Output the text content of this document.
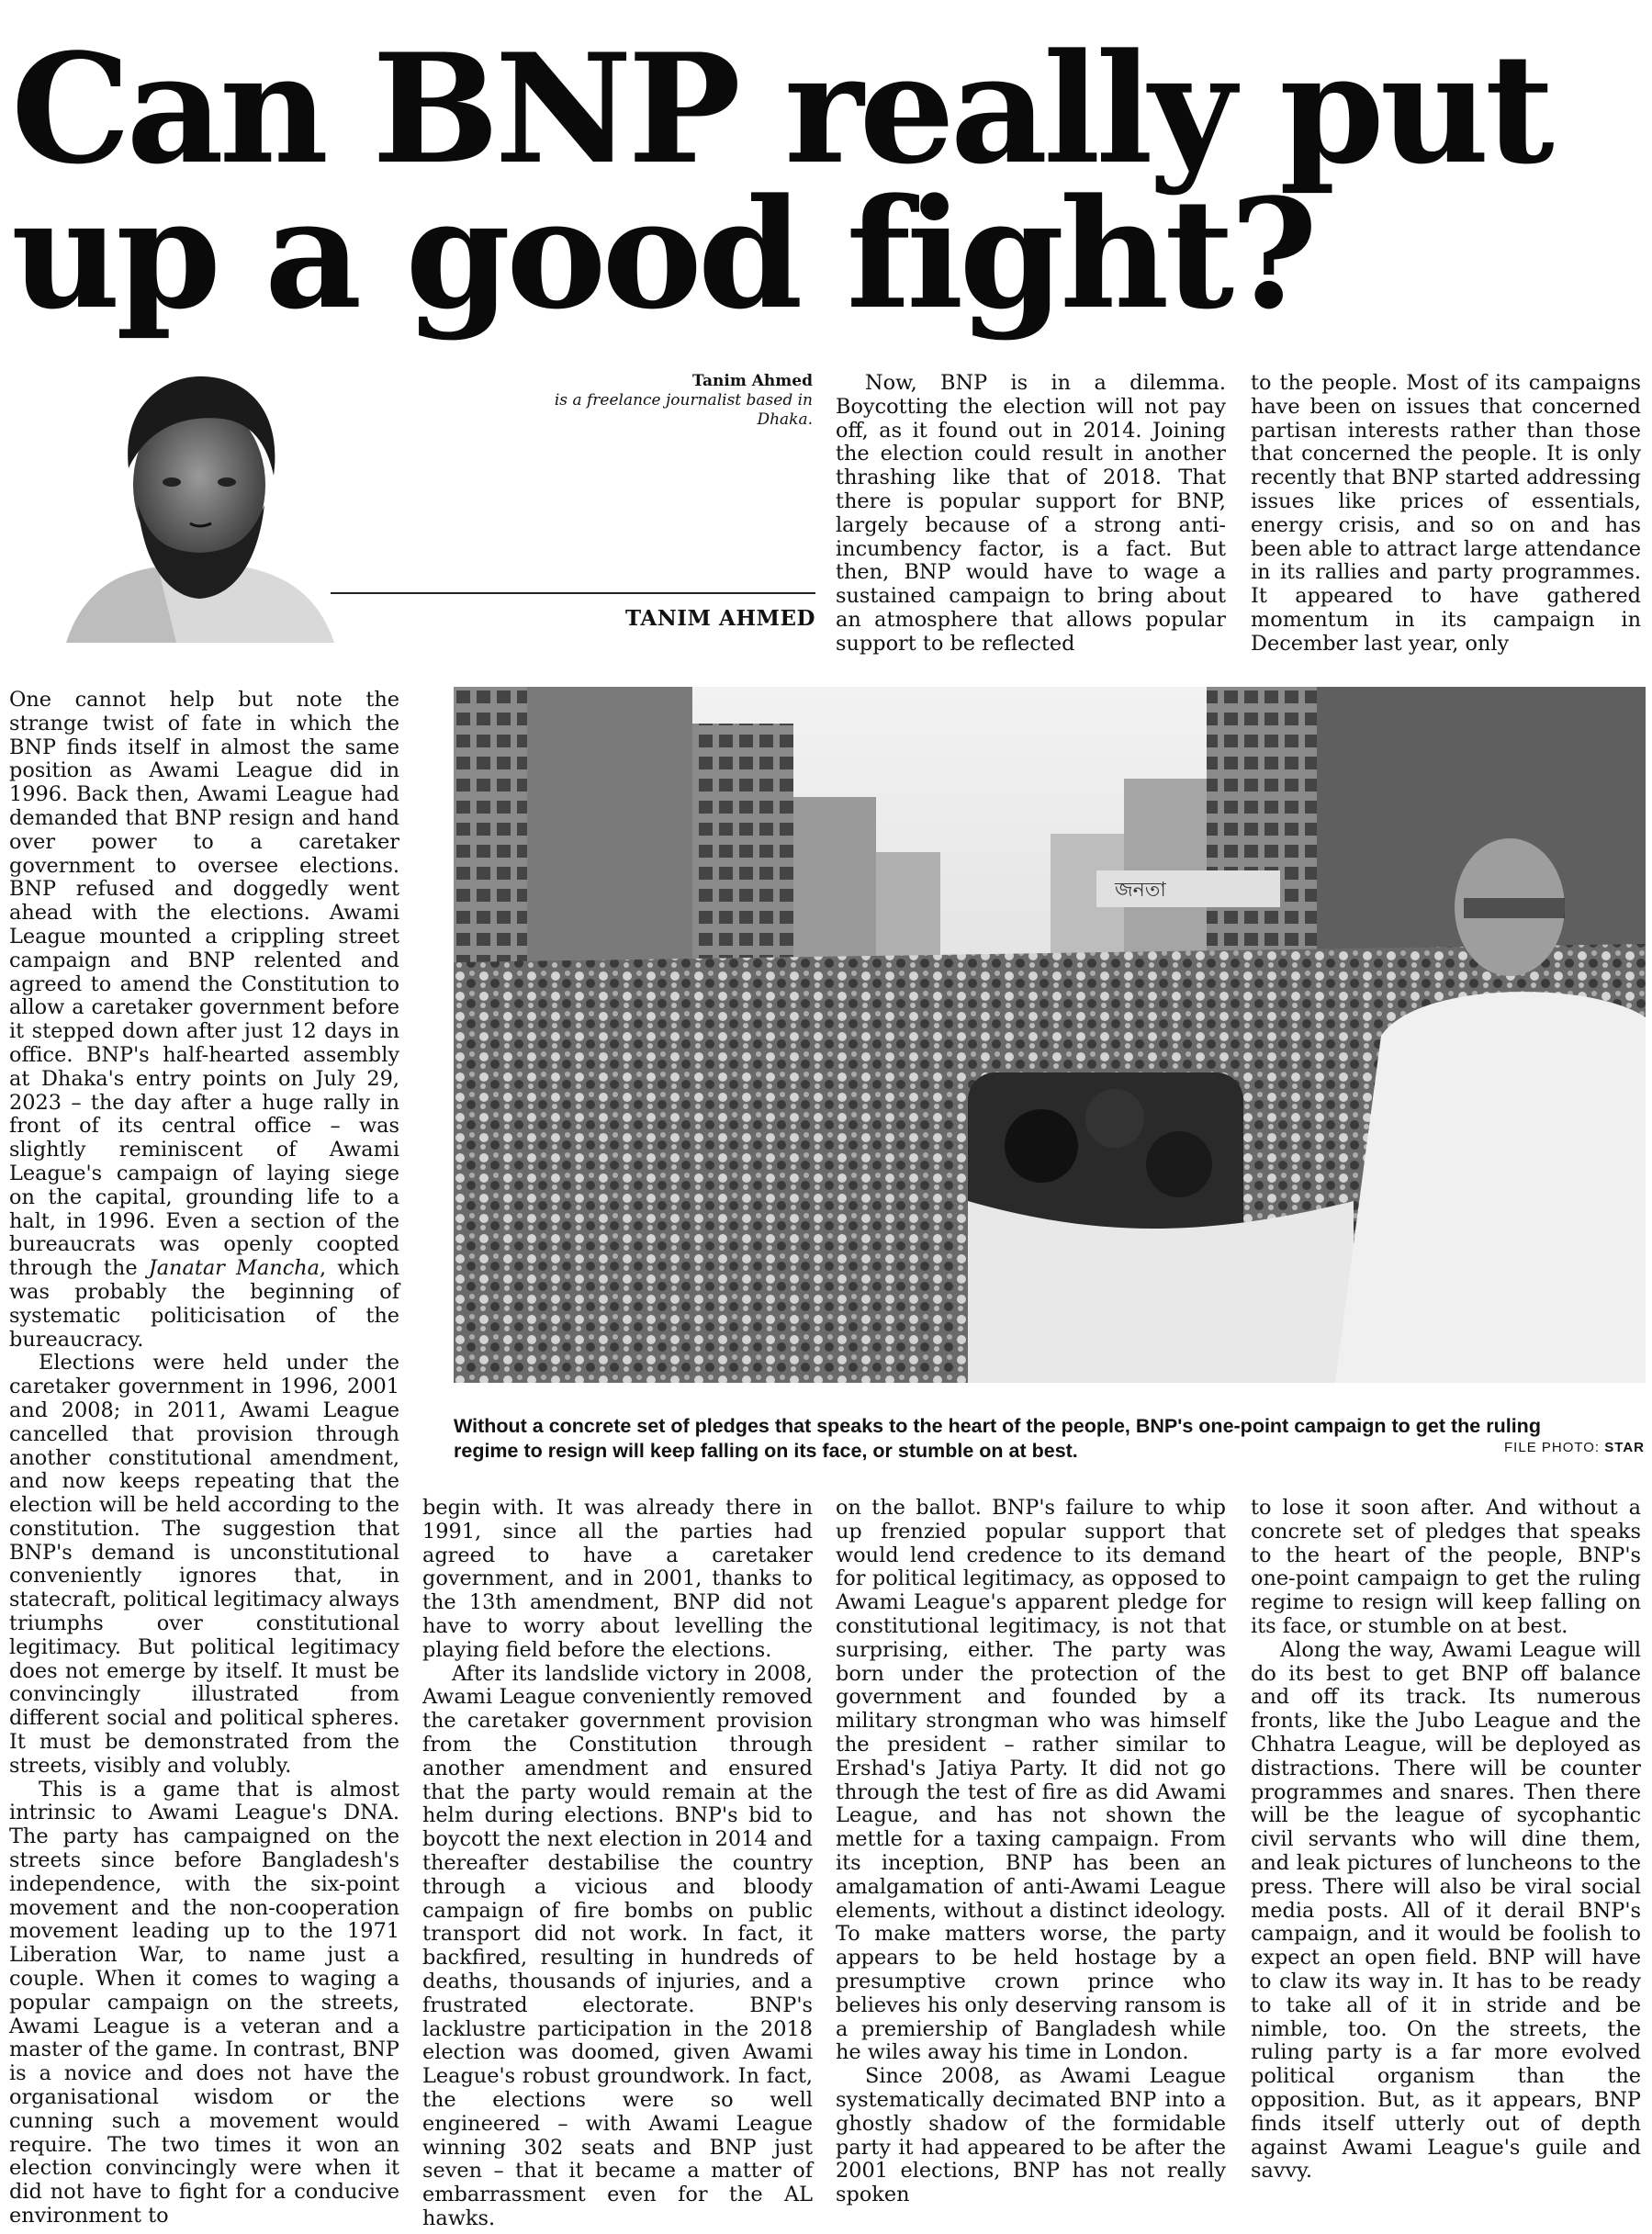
Can BNP really put up a good fight?
Tanim Ahmed
is a freelance journalist based in Dhaka.
TANIM AHMED

Now, BNP is in a dilemma. Boycotting the election will not pay off, as it found out in 2014. Joining the election could result in another thrashing like that of 2018. That there is popular support for BNP, largely because of a strong anti-incumbency factor, is a fact. But then, BNP would have to wage a sustained campaign to bring about an atmosphere that allows popular support to be reflected

to the people. Most of its campaigns have been on issues that concerned partisan interests rather than those that concerned the people. It is only recently that BNP started addressing issues like prices of essentials, energy crisis, and so on and has been able to attract large attendance in its rallies and party programmes. It appeared to have gathered momentum in its campaign in December last year, only

One cannot help but note the strange twist of fate in which the BNP finds itself in almost the same position as Awami League did in 1996. Back then, Awami League had demanded that BNP resign and hand over power to a caretaker government to oversee elections. BNP refused and doggedly went ahead with the elections. Awami League mounted a crippling street campaign and BNP relented and agreed to amend the Constitution to allow a caretaker government before it stepped down after just 12 days in office. BNP's half-hearted assembly at Dhaka's entry points on July 29, 2023 – the day after a huge rally in front of its central office – was slightly reminiscent of Awami League's campaign of laying siege on the capital, grounding life to a halt, in 1996. Even a section of the bureaucrats was openly coopted through the Janatar Mancha, which was probably the beginning of systematic politicisation of the bureaucracy.

Elections were held under the caretaker government in 1996, 2001 and 2008; in 2011, Awami League cancelled that provision through another constitutional amendment, and now keeps repeating that the election will be held according to the constitution. The suggestion that BNP's demand is unconstitutional conveniently ignores that, in statecraft, political legitimacy always triumphs over constitutional legitimacy. But political legitimacy does not emerge by itself. It must be convincingly illustrated from different social and political spheres. It must be demonstrated from the streets, visibly and volubly.

This is a game that is almost intrinsic to Awami League's DNA. The party has campaigned on the streets since before Bangladesh's independence, with the six-point movement and the non-cooperation movement leading up to the 1971 Liberation War, to name just a couple. When it comes to waging a popular campaign on the streets, Awami League is a veteran and a master of the game. In contrast, BNP is a novice and does not have the organisational wisdom or the cunning such a movement would require. The two times it won an election convincingly were when it did not have to fight for a conducive environment to

জনতা
Without a concrete set of pledges that speaks to the heart of the people, BNP's one-point campaign to get the ruling regime to resign will keep falling on its face, or stumble on at best.	FILE PHOTO: STAR

begin with. It was already there in 1991, since all the parties had agreed to have a caretaker government, and in 2001, thanks to the 13th amendment, BNP did not have to worry about levelling the playing field before the elections.

After its landslide victory in 2008, Awami League conveniently removed the caretaker government provision from the Constitution through another amendment and ensured that the party would remain at the helm during elections. BNP's bid to boycott the next election in 2014 and thereafter destabilise the country through a vicious and bloody campaign of fire bombs on public transport did not work. In fact, it backfired, resulting in hundreds of deaths, thousands of injuries, and a frustrated electorate. BNP's lacklustre participation in the 2018 election was doomed, given Awami League's robust groundwork. In fact, the elections were so well engineered – with Awami League winning 302 seats and BNP just seven – that it became a matter of embarrassment even for the AL hawks.

on the ballot. BNP's failure to whip up frenzied popular support that would lend credence to its demand for political legitimacy, as opposed to Awami League's apparent pledge for constitutional legitimacy, is not that surprising, either. The party was born under the protection of the government and founded by a military strongman who was himself the president – rather similar to Ershad's Jatiya Party. It did not go through the test of fire as did Awami League, and has not shown the mettle for a taxing campaign. From its inception, BNP has been an amalgamation of anti-Awami League elements, without a distinct ideology. To make matters worse, the party appears to be held hostage by a presumptive crown prince who believes his only deserving ransom is a premiership of Bangladesh while he wiles away his time in London.

Since 2008, as Awami League systematically decimated BNP into a ghostly shadow of the formidable party it had appeared to be after the 2001 elections, BNP has not really spoken

to lose it soon after. And without a concrete set of pledges that speaks to the heart of the people, BNP's one-point campaign to get the ruling regime to resign will keep falling on its face, or stumble on at best.

Along the way, Awami League will do its best to get BNP off balance and off its track. Its numerous fronts, like the Jubo League and the Chhatra League, will be deployed as distractions. There will be counter programmes and snares. Then there will be the league of sycophantic civil servants who will dine them, and leak pictures of luncheons to the press. There will also be viral social media posts. All of it derail BNP's campaign, and it would be foolish to expect an open field. BNP will have to claw its way in. It has to be ready to take all of it in stride and be nimble, too. On the streets, the ruling party is a far more evolved political organism than the opposition. But, as it appears, BNP finds itself utterly out of depth against Awami League's guile and savvy.
